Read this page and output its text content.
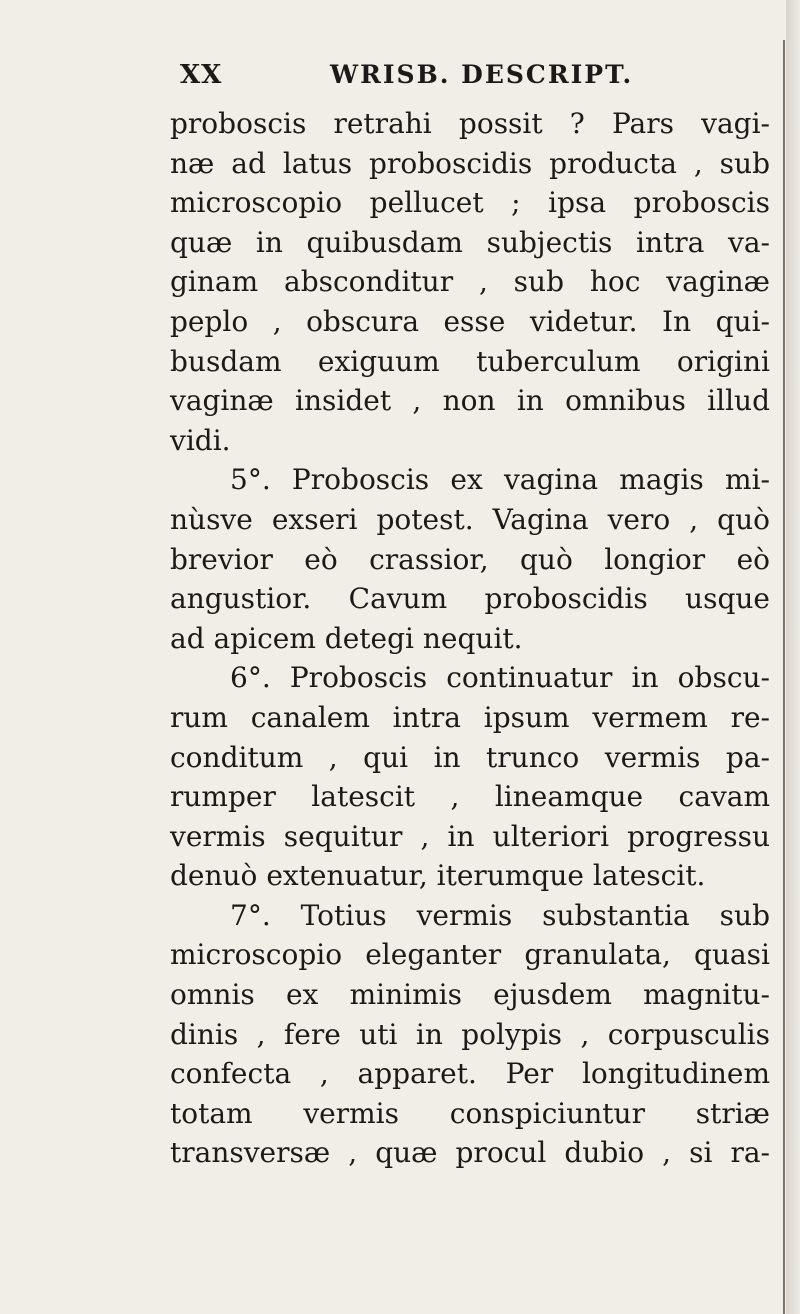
XX	WRISB. DESCRIPT.
proboscis retrahi possit ? Pars vagi-
næ ad latus proboscidis producta , sub
microscopio pellucet ; ipsa proboscis
quæ in quibusdam subjectis intra va-
ginam absconditur , sub hoc vaginæ
peplo , obscura esse videtur. In qui-
busdam exiguum tuberculum origini
vaginæ insidet , non in omnibus illud
vidi.
5°. Proboscis ex vagina magis mi-
nùsve exseri potest. Vagina vero , quò
brevior eò crassior, quò longior eò
angustior. Cavum proboscidis usque
ad apicem detegi nequit.
6°. Proboscis continuatur in obscu-
rum canalem intra ipsum vermem re-
conditum , qui in trunco vermis pa-
rumper latescit , lineamque cavam
vermis sequitur , in ulteriori progressu
denuò extenuatur, iterumque latescit.
7°. Totius vermis substantia sub
microscopio eleganter granulata, quasi
omnis ex minimis ejusdem magnitu-
dinis , fere uti in polypis , corpusculis
confecta , apparet. Per longitudinem
totam vermis conspiciuntur striæ
transversæ , quæ procul dubio , si ra-
